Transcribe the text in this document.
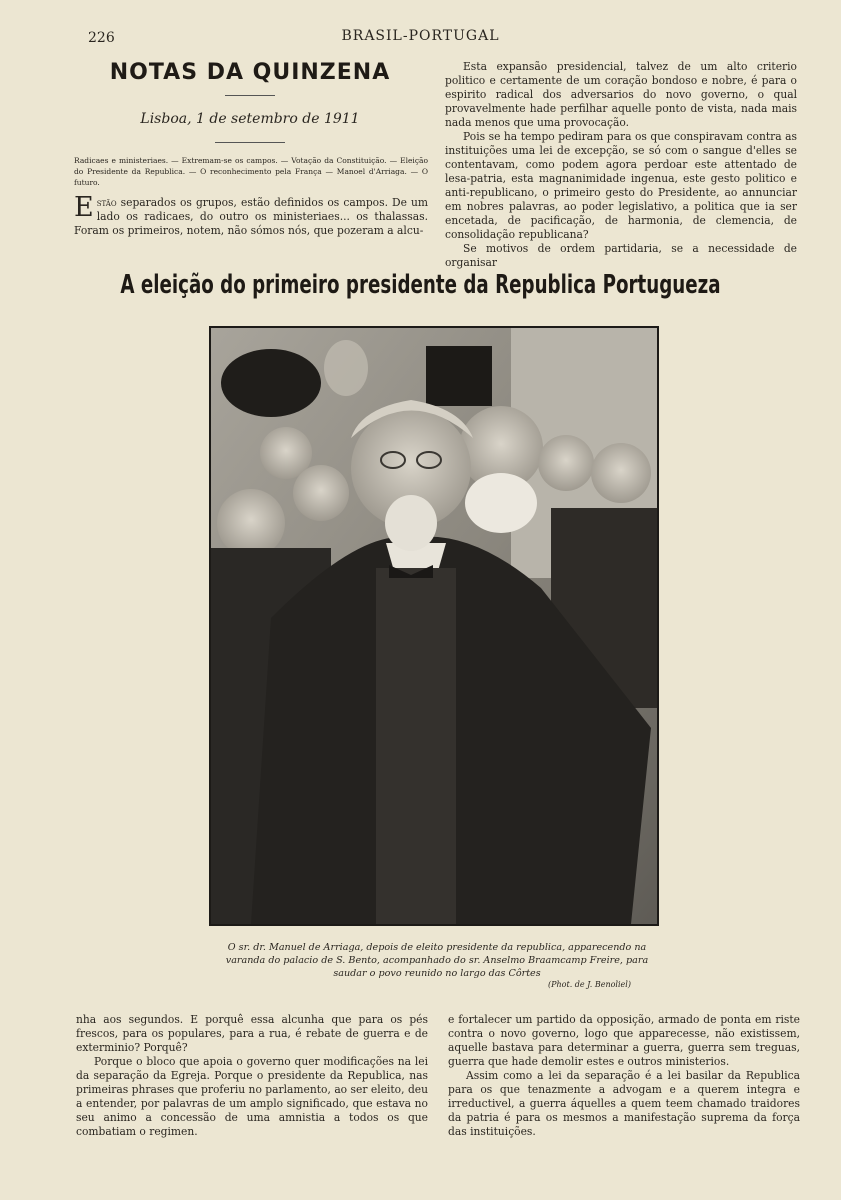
226	BRASIL-PORTUGAL
NOTAS DA QUINZENA
Lisboa, 1 de setembro de 1911
Radicaes e ministeriaes. — Extremam-se os campos. — Votação da Constituição. — Eleição do Presidente da Republica. — O reconhecimento pela França — Manoel d'Arriaga. — O futuro.
Estão separados os grupos, estão definidos os campos. De um lado os radicaes, do outro os ministeriaes... os thalassas. Foram os primeiros, notem, não sómos nós, que pozeram a alcu-

Esta expansão presidencial, talvez de um alto criterio politico e certamente de um coração bondoso e nobre, é para o espirito radical dos adversarios do novo governo, o qual provavelmente hade perfilhar aquelle ponto de vista, nada mais nada menos que uma provocação.

Pois se ha tempo pediram para os que conspiravam contra as instituições uma lei de excepção, se só com o sangue d'elles se contentavam, como podem agora perdoar este attentado de lesa-patria, esta magnanimidade ingenua, este gesto politico e anti-republicano, o primeiro gesto do Presidente, ao annunciar em nobres palavras, ao poder legislativo, a politica que ia ser encetada, de pacificação, de harmonia, de clemencia, de consolidação republicana?

Se motivos de ordem partidaria, se a necessidade de organisar

A eleição do primeiro presidente da Republica Portugueza
O sr. dr. Manuel de Arriaga, depois de eleito presidente da republica, apparecendo na varanda do palacio de S. Bento, acompanhado do sr. Anselmo Braamcamp Freire, para saudar o povo reunido no largo das Côrtes
(Phot. de J. Benoliel)

nha aos segundos. E porquê essa alcunha que para os pés frescos, para os populares, para a rua, é rebate de guerra e de exterminio? Porquê?

Porque o bloco que apoia o governo quer modificações na lei da separação da Egreja. Porque o presidente da Republica, nas primeiras phrases que proferiu no parlamento, ao ser eleito, deu a entender, por palavras de um amplo significado, que estava no seu animo a concessão de uma amnistia a todos os que combatiam o regimen.

e fortalecer um partido da opposição, armado de ponta em riste contra o novo governo, logo que apparecesse, não existissem, aquelle bastava para determinar a guerra, guerra sem treguas, guerra que hade demolir estes e outros ministerios.

Assim como a lei da separação é a lei basilar da Republica para os que tenazmente a advogam e a querem integra e irreductivel, a guerra áquelles a quem teem chamado traidores da patria é para os mesmos a manifestação suprema da força das instituições.
